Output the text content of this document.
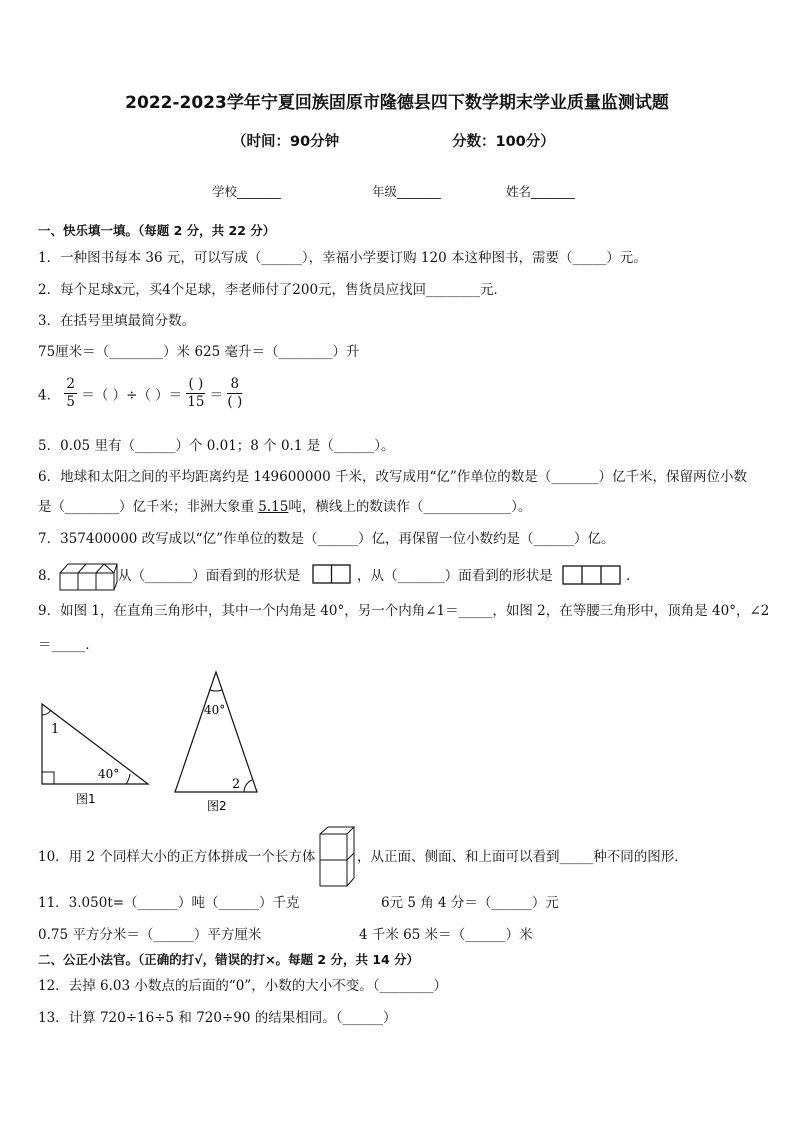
2022-2023学年宁夏回族固原市隆德县四下数学期末学业质量监测试题
（时间：90分钟	分数：100分）
学校_______	年级_______	姓名_______
一、快乐填一填。（每题 2 分，共 22 分）
1．一种图书每本 36 元，可以写成（______），幸福小学要订购 120 本这种图书，需要（_____）元。
2．每个足球x元，买4个足球，李老师付了200元，售货员应找回________元．
3．在括号里填最简分数。
75厘米＝（________）米 625 毫升＝（________）升
4． $\frac{2}{5}$ ＝（ ）÷（ ）＝ $\frac{( )}{15} = \frac{8}{( )}$
5．0.05 里有（______）个 0.01；8 个 0.1 是（______）。
6．地球和太阳之间的平均距离约是 149600000 千米，改写成用“亿”作单位的数是（_______）亿千米，保留两位小数
是（________）亿千米；非洲大象重 5.15吨，横线上的数读作（_____________）。
7．357400000 改写成以“亿”作单位的数是（______）亿，再保留一位小数约是（______）亿。
8．	从（_______）面看到的形状是	，从（_______）面看到的形状是	.
9．如图 1，在直角三角形中，其中一个内角是 40°，另一个内角∠1＝_____，如图 2，在等腰三角形中，顶角是 40°，∠2
＝_____．
1
40°
图1
40°
2
图2
10．用 2 个同样大小的正方体拼成一个长方体	，从正面、侧面、和上面可以看到_____种不同的图形．
11．3.050t=（______）吨（______）千克	6元 5 角 4 分＝（______）元
0.75 平方分米＝（______）平方厘米	4 千米 65 米＝（______）米
二、公正小法官。（正确的打√，错误的打×。每题 2 分，共 14 分）
12．去掉 6.03 小数点的后面的“0”，小数的大小不变。（________）
13．计算 720÷16÷5 和 720÷90 的结果相同。（______）
